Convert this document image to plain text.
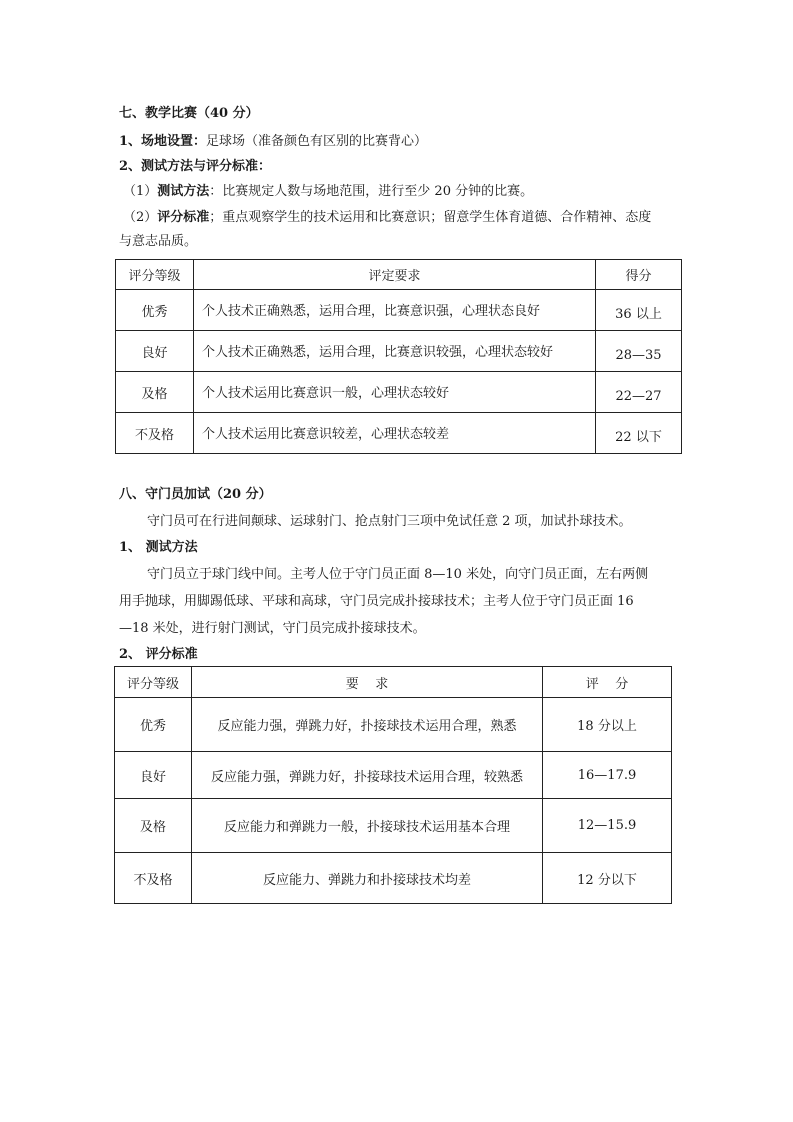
七、教学比赛（40 分）
1、场地设置：足球场（准备颜色有区别的比赛背心）
2、测试方法与评分标准：
（1）测试方法：比赛规定人数与场地范围，进行至少 20 分钟的比赛。
（2）评分标准；重点观察学生的技术运用和比赛意识；留意学生体育道德、合作精神、态度
与意志品质。
评分等级	评定要求	得分
优秀	个人技术正确熟悉，运用合理，比赛意识强，心理状态良好	36 以上
良好	个人技术正确熟悉，运用合理，比赛意识较强，心理状态较好	28—35
及格	个人技术运用比赛意识一般，心理状态较好	22—27
不及格	个人技术运用比赛意识较差，心理状态较差	22 以下
八、守门员加试（20 分）
守门员可在行进间颠球、运球射门、抢点射门三项中免试任意 2 项，加试扑球技术。
1、 测试方法
守门员立于球门线中间。主考人位于守门员正面 8—10 米处，向守门员正面，左右两侧
用手抛球，用脚踢低球、平球和高球，守门员完成扑接球技术；主考人位于守门员正面 16
—18 米处，进行射门测试，守门员完成扑接球技术。
2、 评分标准
评分等级	要    求	评    分
优秀	反应能力强，弹跳力好，扑接球技术运用合理，熟悉	18 分以上
良好	反应能力强，弹跳力好，扑接球技术运用合理，较熟悉	16—17.9
及格	反应能力和弹跳力一般，扑接球技术运用基本合理	12—15.9
不及格	反应能力、弹跳力和扑接球技术均差	12 分以下
